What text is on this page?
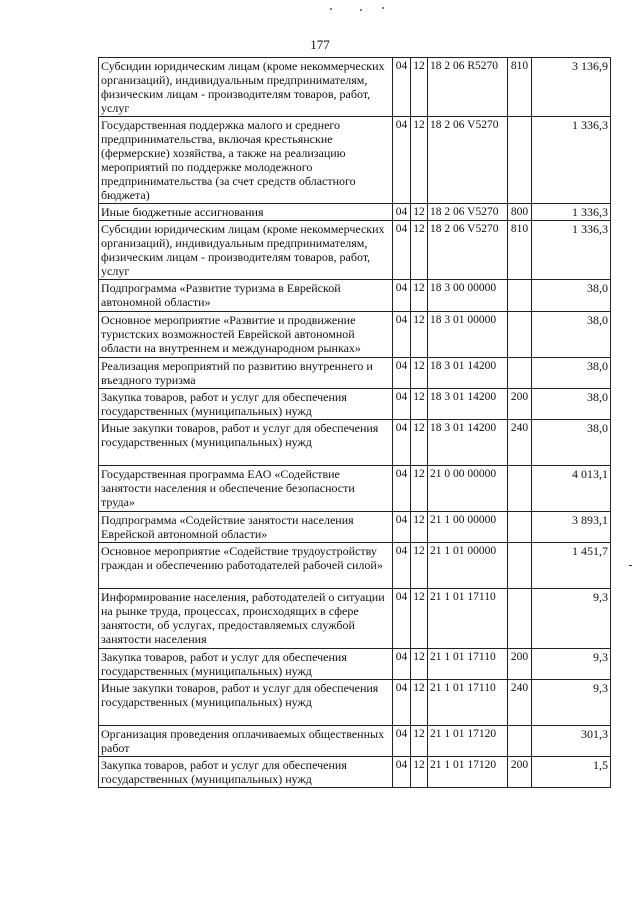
177
Субсидии юридическим лицам (кроме некоммерческих организаций), индивидуальным предпринимателям, физическим лицам - производителям товаров, работ, услуг	04	12	18 2 06 R5270	810	3 136,9
Государственная поддержка малого и среднего предпринимательства, включая крестьянские (фермерские) хозяйства, а также на реализацию мероприятий по поддержке молодежного предпринимательства (за счет средств областного бюджета)	04	12	18 2 06 V5270		1 336,3
Иные бюджетные ассигнования	04	12	18 2 06 V5270	800	1 336,3
Субсидии юридическим лицам (кроме некоммерческих организаций), индивидуальным предпринимателям, физическим лицам - производителям товаров, работ, услуг	04	12	18 2 06 V5270	810	1 336,3
Подпрограмма «Развитие туризма в Еврейской автономной области»	04	12	18 3 00 00000		38,0
Основное мероприятие «Развитие и продвижение туристских возможностей Еврейской автономной области на внутреннем и международном рынках»	04	12	18 3 01 00000		38,0
Реализация мероприятий по развитию внутреннего и въездного туризма	04	12	18 3 01 14200		38,0
Закупка товаров, работ и услуг для обеспечения государственных (муниципальных) нужд	04	12	18 3 01 14200	200	38,0
Иные закупки товаров, работ и услуг для обеспечения государственных (муниципальных) нужд	04	12	18 3 01 14200	240	38,0
Государственная программа ЕАО «Содействие занятости населения и обеспечение безопасности труда»	04	12	21 0 00 00000		4 013,1
Подпрограмма «Содействие занятости населения Еврейской автономной области»	04	12	21 1 00 00000		3 893,1
Основное мероприятие «Содействие трудоустройству граждан и обеспечению работодателей рабочей силой»	04	12	21 1 01 00000		1 451,7
Информирование населения, работодателей о ситуации на рынке труда, процессах, происходящих в сфере занятости, об услугах, предоставляемых службой занятости населения	04	12	21 1 01 17110		9,3
Закупка товаров, работ и услуг для обеспечения государственных (муниципальных) нужд	04	12	21 1 01 17110	200	9,3
Иные закупки товаров, работ и услуг для обеспечения государственных (муниципальных) нужд	04	12	21 1 01 17110	240	9,3
Организация проведения оплачиваемых общественных работ	04	12	21 1 01 17120		301,3
Закупка товаров, работ и услуг для обеспечения государственных (муниципальных) нужд	04	12	21 1 01 17120	200	1,5
